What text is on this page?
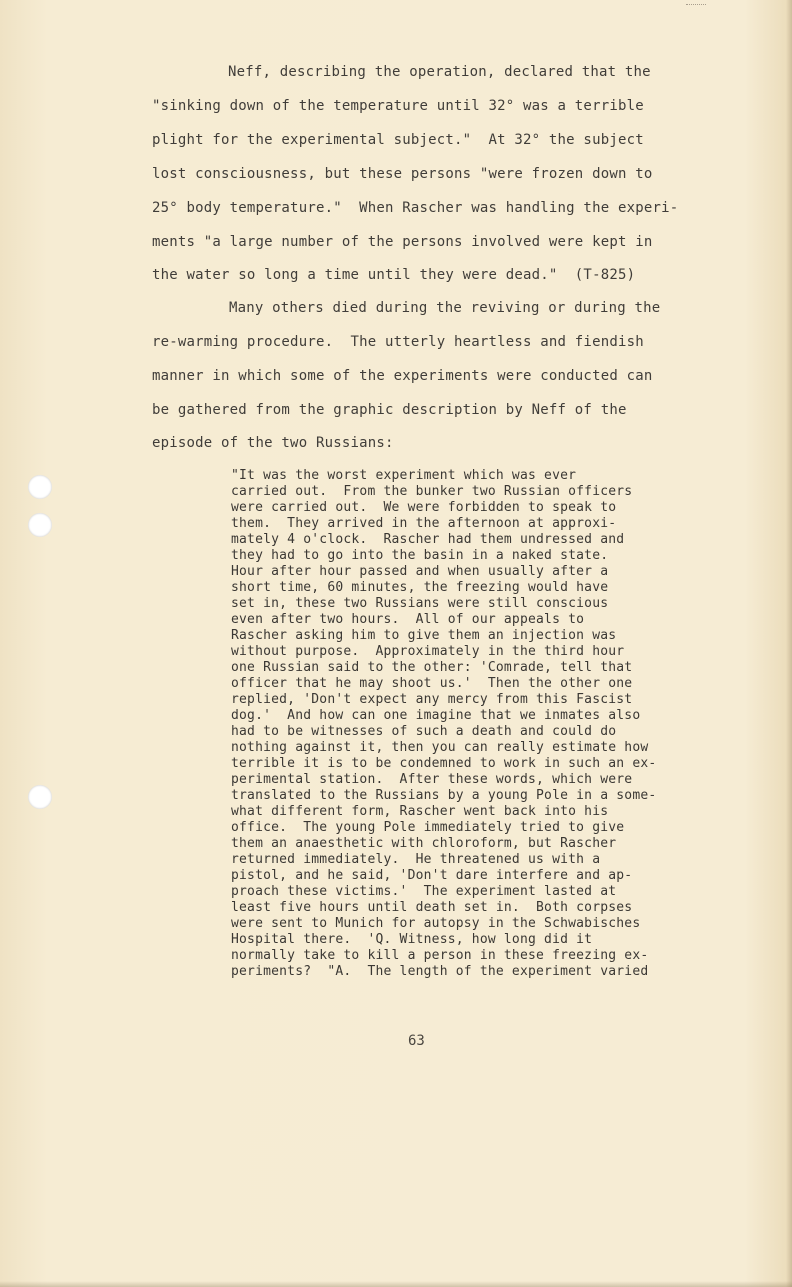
Neff, describing the operation, declared that the
"sinking down of the temperature until 32° was a terrible
plight for the experimental subject."  At 32° the subject
lost consciousness, but these persons "were frozen down to
25° body temperature."  When Rascher was handling the experi-
ments "a large number of the persons involved were kept in
the water so long a time until they were dead."  (T-825)
Many others died during the reviving or during the
re-warming procedure.  The utterly heartless and fiendish
manner in which some of the experiments were conducted can
be gathered from the graphic description by Neff of the
episode of the two Russians:
"It was the worst experiment which was ever
carried out.  From the bunker two Russian officers
were carried out.  We were forbidden to speak to
them.  They arrived in the afternoon at approxi-
mately 4 o'clock.  Rascher had them undressed and
they had to go into the basin in a naked state.
Hour after hour passed and when usually after a
short time, 60 minutes, the freezing would have
set in, these two Russians were still conscious
even after two hours.  All of our appeals to
Rascher asking him to give them an injection was
without purpose.  Approximately in the third hour
one Russian said to the other: 'Comrade, tell that
officer that he may shoot us.'  Then the other one
replied, 'Don't expect any mercy from this Fascist
dog.'  And how can one imagine that we inmates also
had to be witnesses of such a death and could do
nothing against it, then you can really estimate how
terrible it is to be condemned to work in such an ex-
perimental station.  After these words, which were
translated to the Russians by a young Pole in a some-
what different form, Rascher went back into his
office.  The young Pole immediately tried to give
them an anaesthetic with chloroform, but Rascher
returned immediately.  He threatened us with a
pistol, and he said, 'Don't dare interfere and ap-
proach these victims.'  The experiment lasted at
least five hours until death set in.  Both corpses
were sent to Munich for autopsy in the Schwabisches
Hospital there.  'Q. Witness, how long did it
normally take to kill a person in these freezing ex-
periments?  "A.  The length of the experiment varied
63
